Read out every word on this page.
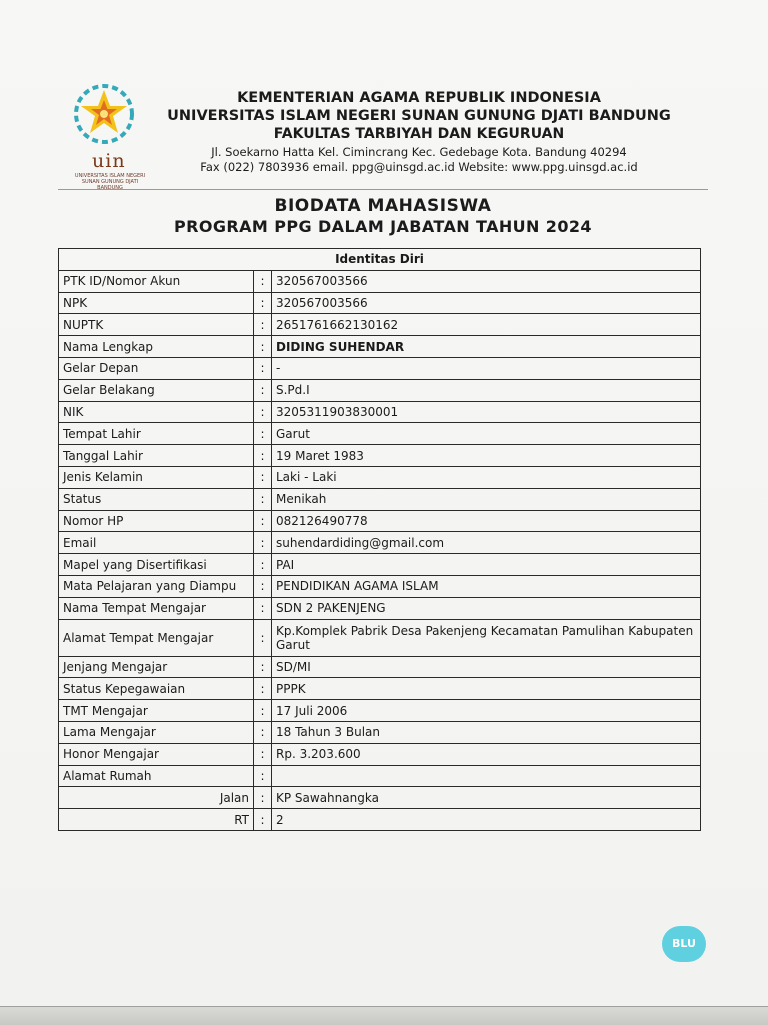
uin
UNIVERSITAS ISLAM NEGERI SUNAN GUNUNG DJATI BANDUNG
KEMENTERIAN AGAMA REPUBLIK INDONESIA
UNIVERSITAS ISLAM NEGERI SUNAN GUNUNG DJATI BANDUNG
FAKULTAS TARBIYAH DAN KEGURUAN
Jl. Soekarno Hatta Kel. Cimincrang Kec. Gedebage Kota. Bandung 40294
Fax (022) 7803936 email. ppg@uinsgd.ac.id Website: www.ppg.uinsgd.ac.id
BIODATA MAHASISWA
PROGRAM PPG DALAM JABATAN TAHUN 2024
Identitas Diri		
PTK ID/Nomor Akun	:	320567003566
NPK	:	320567003566
NUPTK	:	2651761662130162
Nama Lengkap	:	DIDING SUHENDAR
Gelar Depan	:	-
Gelar Belakang	:	S.Pd.I
NIK	:	3205311903830001
Tempat Lahir	:	Garut
Tanggal Lahir	:	19 Maret 1983
Jenis Kelamin	:	Laki - Laki
Status	:	Menikah
Nomor HP	:	082126490778
Email	:	suhendardiding@gmail.com
Mapel yang Disertifikasi	:	PAI
Mata Pelajaran yang Diampu	:	PENDIDIKAN AGAMA ISLAM
Nama Tempat Mengajar	:	SDN 2 PAKENJENG
Alamat Tempat Mengajar	:	Kp.Komplek Pabrik Desa Pakenjeng Kecamatan Pamulihan Kabupaten Garut
Jenjang Mengajar	:	SD/MI
Status Kepegawaian	:	PPPK
TMT Mengajar	:	17 Juli 2006
Lama Mengajar	:	18 Tahun 3 Bulan
Honor Mengajar	:	Rp. 3.203.600
Alamat Rumah	:	
Jalan	:	KP Sawahnangka
RT	:	2
BLU
